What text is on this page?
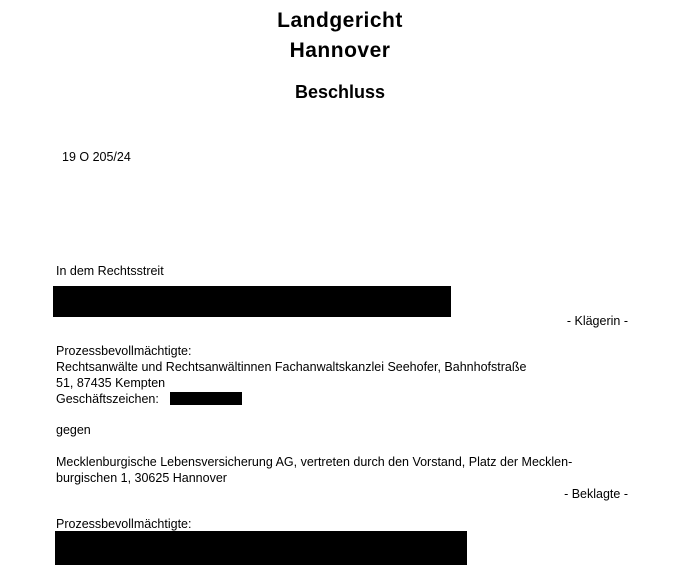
Landgericht
Hannover
Beschluss
19 O 205/24
In dem Rechtsstreit
- Klägerin -
Prozessbevollmächtigte:
Rechtsanwälte und Rechtsanwältinnen Fachanwaltskanzlei Seehofer, Bahnhofstraße
51, 87435 Kempten
Geschäftszeichen:
gegen
Mecklenburgische Lebensversicherung AG, vertreten durch den Vorstand, Platz der Mecklen-
burgischen 1, 30625 Hannover
- Beklagte -
Prozessbevollmächtigte:
